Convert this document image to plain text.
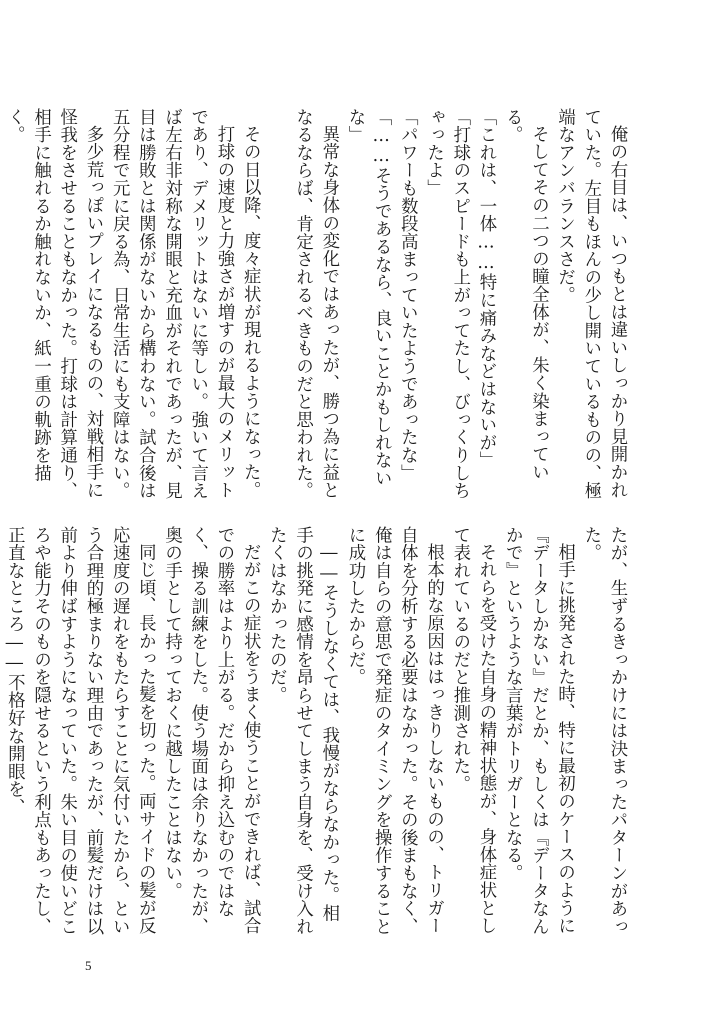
俺の右目は、いつもとは違いしっかり見開かれていた。左目もほんの少し開いているものの、極端なアンバランスさだ。

そしてその二つの瞳全体が、朱く染まっている。

「これは、一体……特に痛みなどはないが」

「打球のスピードも上がってたし、びっくりしちゃったよ」

「パワーも数段高まっていたようであったな」

「……そうであるなら、良いことかもしれないな」

異常な身体の変化ではあったが、勝つ為に益となるならば、肯定されるべきものだと思われた。

その日以降、度々症状が現れるようになった。

打球の速度と力強さが増すのが最大のメリットであり、デメリットはないに等しい。強いて言えば左右非対称な開眼と充血がそれであったが、見目は勝敗とは関係がないから構わない。試合後は五分程で元に戻る為、日常生活にも支障はない。

多少荒っぽいプレイになるものの、対戦相手に怪我をさせることもなかった。打球は計算通り、相手に触れるか触れないか、紙一重の軌跡を描く。

たが、生ずるきっかけには決まったパターンがあった。

相手に挑発された時、特に最初のケースのように『データしかない』だとか、もしくは『データなんかで』というような言葉がトリガーとなる。

それらを受けた自身の精神状態が、身体症状として表れているのだと推測された。

根本的な原因ははっきりしないものの、トリガー自体を分析する必要はなかった。その後まもなく、俺は自らの意思で発症のタイミングを操作することに成功したからだ。

――そうしなくては、我慢がならなかった。相手の挑発に感情を昂らせてしまう自身を、受け入れたくはなかったのだ。

だがこの症状をうまく使うことができれば、試合での勝率はより上がる。だから抑え込むのではなく、操る訓練をした。使う場面は余りなかったが、奥の手として持っておくに越したことはない。

同じ頃、長かった髪を切った。両サイドの髪が反応速度の遅れをもたらすことに気付いたから、という合理的極まりない理由であったが、前髪だけは以前より伸ばすようになっていた。朱い目の使いどころや能力そのものを隠せるという利点もあったし、正直なところ――不格好な開眼を、

5
